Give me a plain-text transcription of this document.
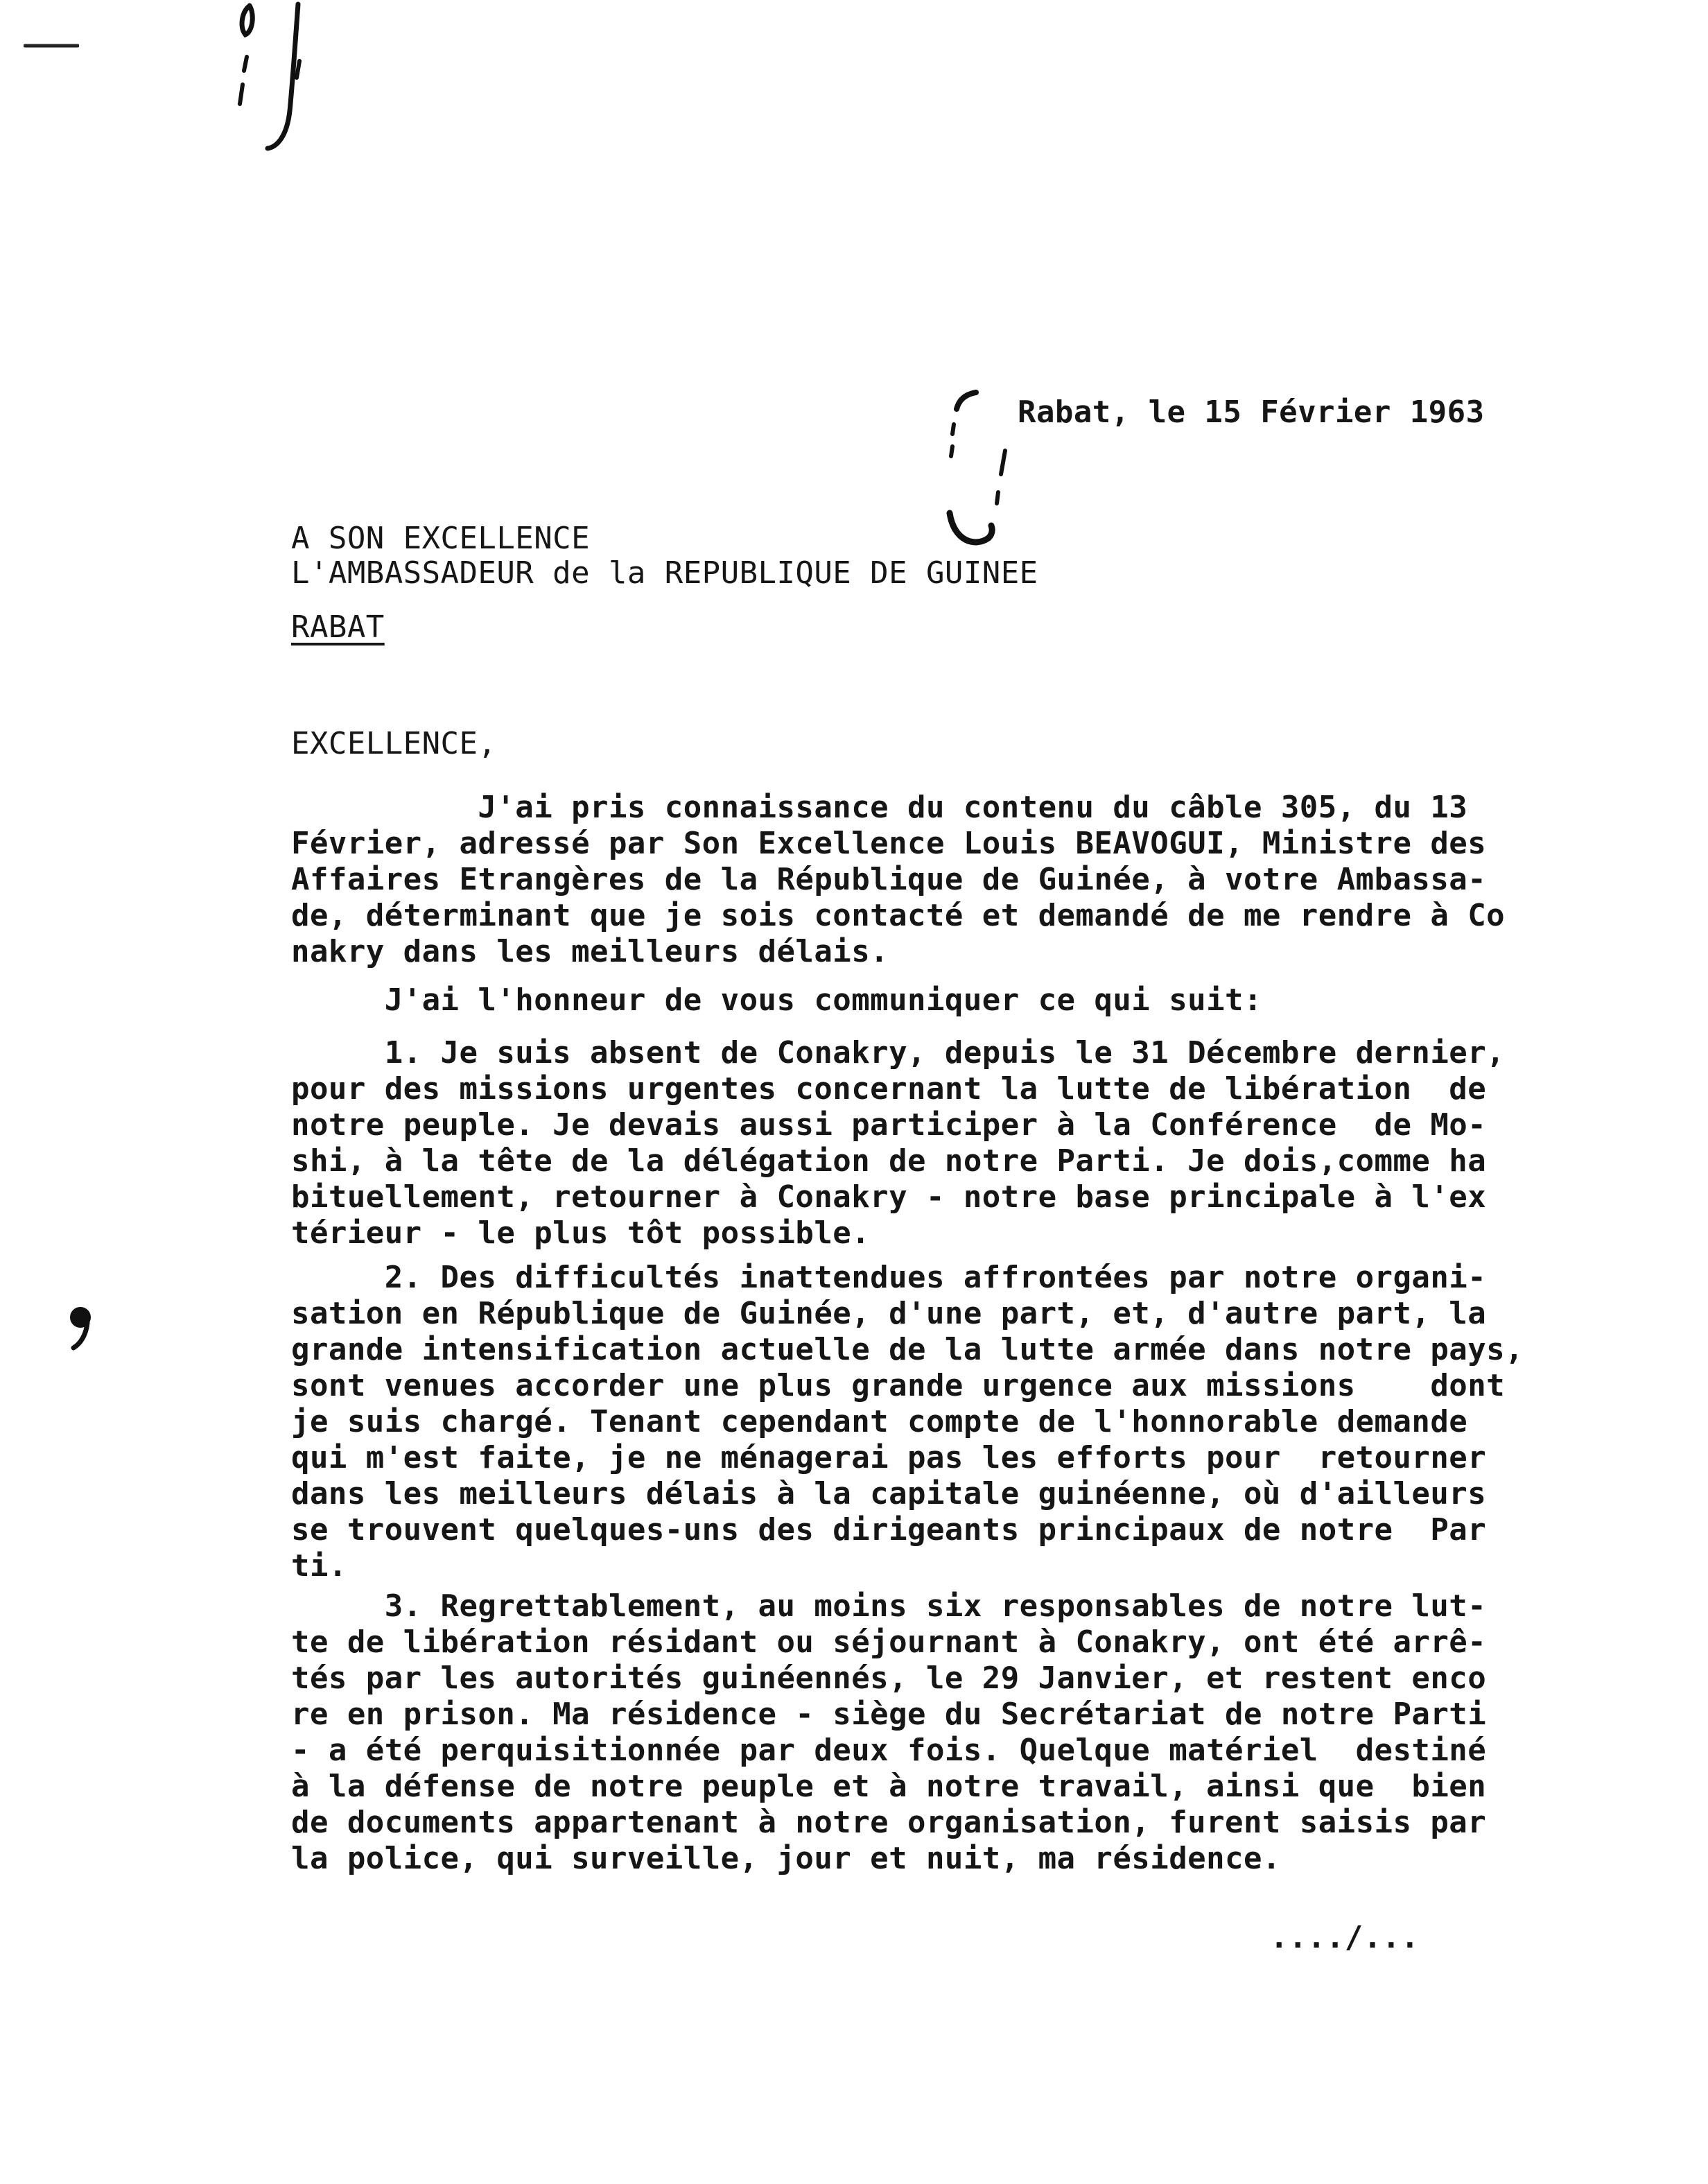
Rabat, le 15 Février 1963
A SON EXCELLENCE
L'AMBASSADEUR de la REPUBLIQUE DE GUINEE
RABAT
EXCELLENCE,
J'ai pris connaissance du contenu du câble 305, du 13
Février, adressé par Son Excellence Louis BEAVOGUI, Ministre des
Affaires Etrangères de la République de Guinée, à votre Ambassa-
de, déterminant que je sois contacté et demandé de me rendre à Co
nakry dans les meilleurs délais.
J'ai l'honneur de vous communiquer ce qui suit:
1. Je suis absent de Conakry, depuis le 31 Décembre dernier,
pour des missions urgentes concernant la lutte de libération  de
notre peuple. Je devais aussi participer à la Conférence  de Mo-
shi, à la tête de la délégation de notre Parti. Je dois,comme ha
bituellement, retourner à Conakry - notre base principale à l'ex
térieur - le plus tôt possible.
2. Des difficultés inattendues affrontées par notre organi-
sation en République de Guinée, d'une part, et, d'autre part, la
grande intensification actuelle de la lutte armée dans notre pays,
sont venues accorder une plus grande urgence aux missions    dont
je suis chargé. Tenant cependant compte de l'honnorable demande
qui m'est faite, je ne ménagerai pas les efforts pour  retourner
dans les meilleurs délais à la capitale guinéenne, où d'ailleurs
se trouvent quelques-uns des dirigeants principaux de notre  Par
ti.
3. Regrettablement, au moins six responsables de notre lut-
te de libération résidant ou séjournant à Conakry, ont été arrê-
tés par les autorités guinéennés, le 29 Janvier, et restent enco
re en prison. Ma résidence - siège du Secrétariat de notre Parti
- a été perquisitionnée par deux fois. Quelque matériel  destiné
à la défense de notre peuple et à notre travail, ainsi que  bien
de documents appartenant à notre organisation, furent saisis par
la police, qui surveille, jour et nuit, ma résidence.
..../...
